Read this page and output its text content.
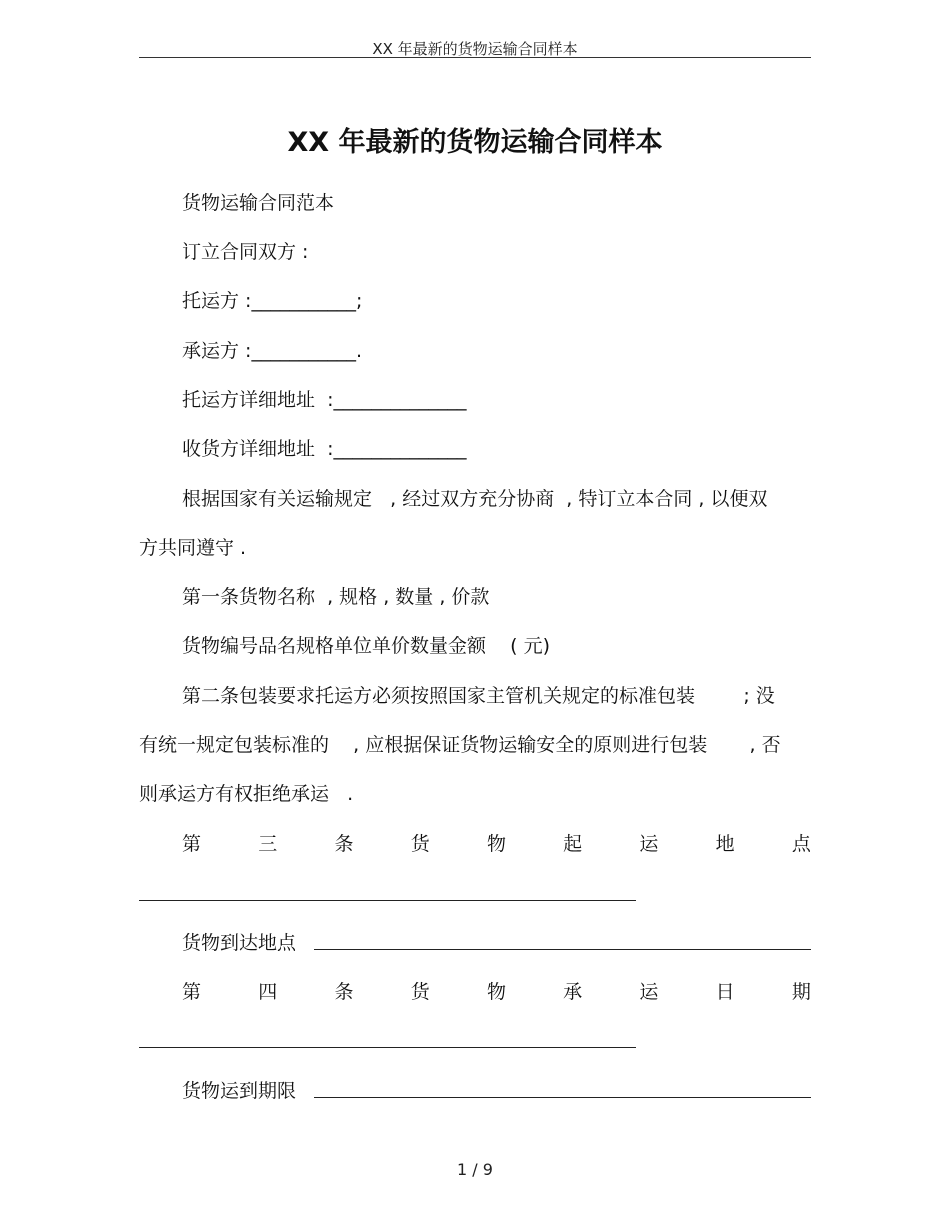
XX 年最新的货物运输合同样本
XX 年最新的货物运输合同样本
货物运输合同范本
订立合同双方 :
托运方 :___________;
承运方 :___________.
托运方详细地址  :______________
收货方详细地址  :______________
根据国家有关运输规定   , 经过双方充分协商  , 特订立本合同 , 以便双
方共同遵守 .
第一条货物名称  , 规格 , 数量 , 价款
货物编号品名规格单位单价数量金额    ( 元)
第二条包装要求托运方必须按照国家主管机关规定的标准包装        ; 没
有统一规定包装标准的    , 应根据保证货物运输安全的原则进行包装       , 否
则承运方有权拒绝承运   .
第	三	条	货	物	起	运	地	点
货物到达地点
第	四	条	货	物	承	运	日	期
货物运到期限
1 / 9
